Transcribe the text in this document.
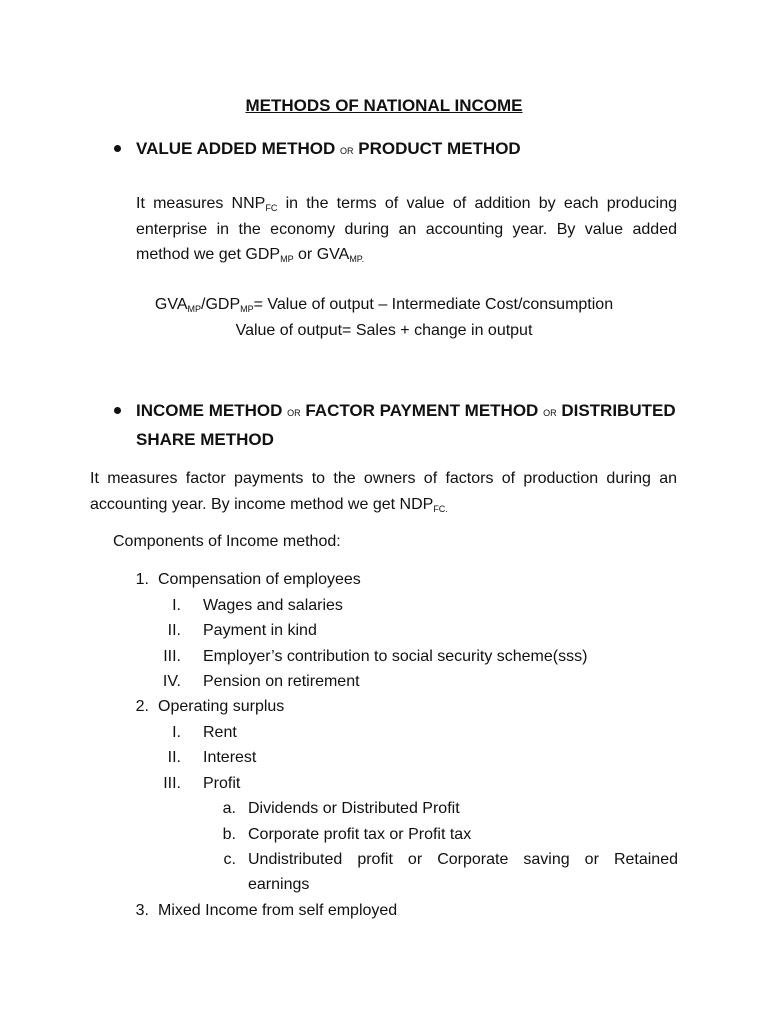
METHODS OF NATIONAL INCOME

VALUE ADDED METHOD OR PRODUCT METHOD

It measures $NNP_{FC}$ in the terms of value of addition by each producing

enterprise in the economy during an accounting year. By value added

method we get $GDP_{MP}$ or $GVA_{MP.}$

$GVA_{MP}/GDP_{MP}=$ Value of output – Intermediate Cost/consumption

Value of output= Sales + change in output

INCOME METHOD OR FACTOR PAYMENT METHOD OR DISTRIBUTED

SHARE METHOD

It measures factor payments to the owners of factors of production during an

accounting year. By income method we get $NDP_{FC.}$

Components of Income method:

1. Compensation of employees
I. Wages and salaries
II. Payment in kind
III. Employer’s contribution to social security scheme(sss)
IV. Pension on retirement
2. Operating surplus
I. Rent
II. Interest
III. Profit
a. Dividends or Distributed Profit
b. Corporate profit tax or Profit tax
c. Undistributed profit or Corporate saving or Retained
earnings
3. Mixed Income from self employed
